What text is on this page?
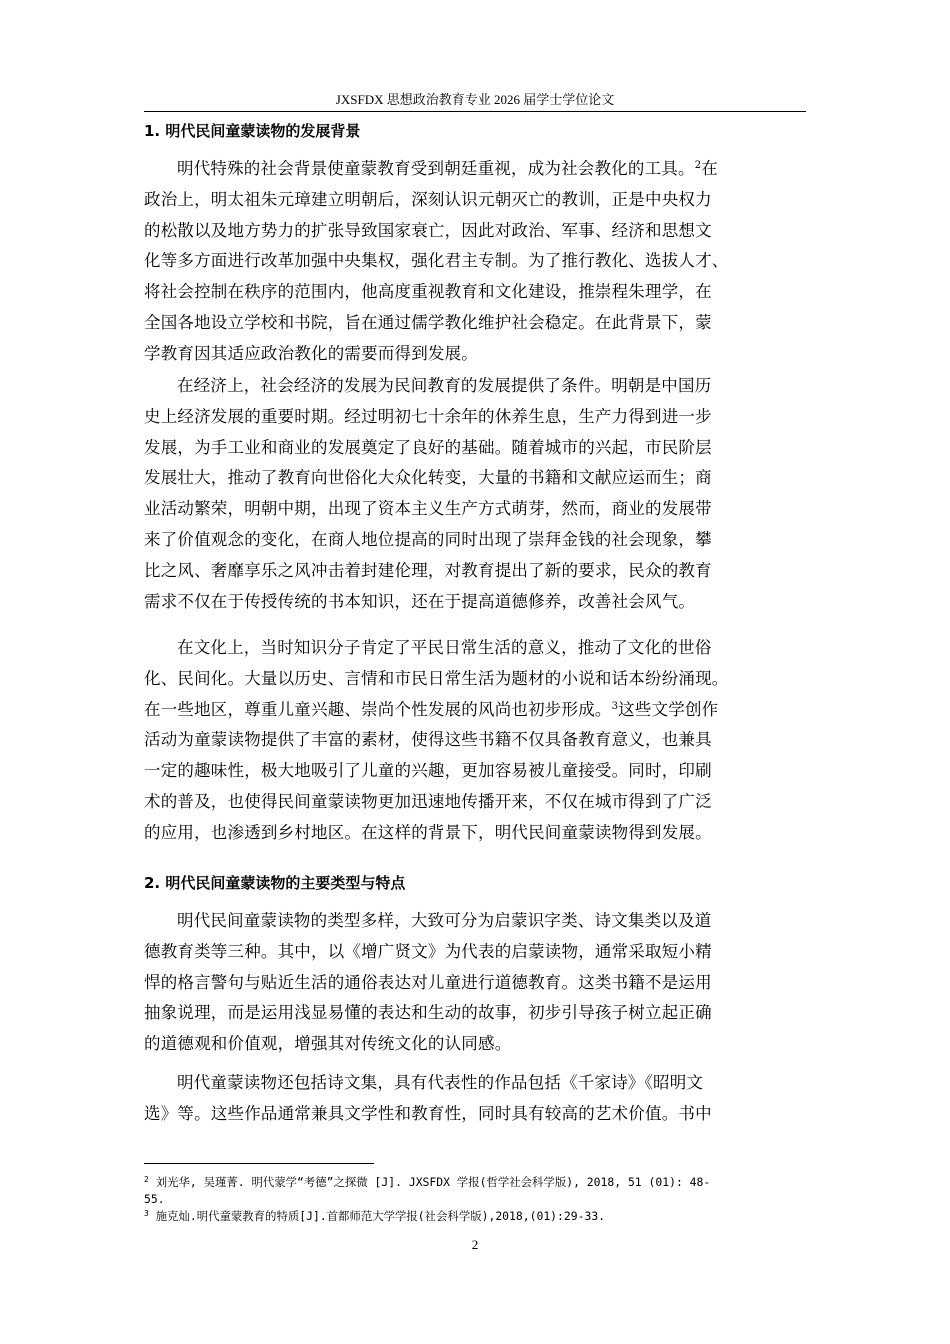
JXSFDX 思想政治教育专业 2026 届学士学位论文
1. 明代民间童蒙读物的发展背景
明代特殊的社会背景使童蒙教育受到朝廷重视，成为社会教化的工具。$^2$在
政治上，明太祖朱元璋建立明朝后，深刻认识元朝灭亡的教训，正是中央权力
的松散以及地方势力的扩张导致国家衰亡，因此对政治、军事、经济和思想文
化等多方面进行改革加强中央集权，强化君主专制。为了推行教化、选拔人才、
将社会控制在秩序的范围内，他高度重视教育和文化建设，推崇程朱理学，在
全国各地设立学校和书院，旨在通过儒学教化维护社会稳定。在此背景下，蒙
学教育因其适应政治教化的需要而得到发展。
在经济上，社会经济的发展为民间教育的发展提供了条件。明朝是中国历
史上经济发展的重要时期。经过明初七十余年的休养生息，生产力得到进一步
发展，为手工业和商业的发展奠定了良好的基础。随着城市的兴起，市民阶层
发展壮大，推动了教育向世俗化大众化转变，大量的书籍和文献应运而生；商
业活动繁荣，明朝中期，出现了资本主义生产方式萌芽，然而，商业的发展带
来了价值观念的变化，在商人地位提高的同时出现了崇拜金钱的社会现象，攀
比之风、奢靡享乐之风冲击着封建伦理，对教育提出了新的要求，民众的教育
需求不仅在于传授传统的书本知识，还在于提高道德修养，改善社会风气。
在文化上，当时知识分子肯定了平民日常生活的意义，推动了文化的世俗
化、民间化。大量以历史、言情和市民日常生活为题材的小说和话本纷纷涌现。
在一些地区，尊重儿童兴趣、崇尚个性发展的风尚也初步形成。$^3$这些文学创作
活动为童蒙读物提供了丰富的素材，使得这些书籍不仅具备教育意义，也兼具
一定的趣味性，极大地吸引了儿童的兴趣，更加容易被儿童接受。同时，印刷
术的普及，也使得民间童蒙读物更加迅速地传播开来，不仅在城市得到了广泛
的应用，也渗透到乡村地区。在这样的背景下，明代民间童蒙读物得到发展。
2. 明代民间童蒙读物的主要类型与特点
明代民间童蒙读物的类型多样，大致可分为启蒙识字类、诗文集类以及道
德教育类等三种。其中，以《增广贤文》为代表的启蒙读物，通常采取短小精
悍的格言警句与贴近生活的通俗表达对儿童进行道德教育。这类书籍不是运用
抽象说理，而是运用浅显易懂的表达和生动的故事，初步引导孩子树立起正确
的道德观和价值观，增强其对传统文化的认同感。
明代童蒙读物还包括诗文集，具有代表性的作品包括《千家诗》《昭明文
选》等。这些作品通常兼具文学性和教育性，同时具有较高的艺术价值。书中
$^2$ 刘光华, 吴瑾菁. 明代蒙学“考德”之探微 [J]. JXSFDX 学报(哲学社会科学版), 2018, 51 (01): 48-
55.
$^3$ 施克灿.明代童蒙教育的特质[J].首都师范大学学报(社会科学版),2018,(01):29-33.
2
